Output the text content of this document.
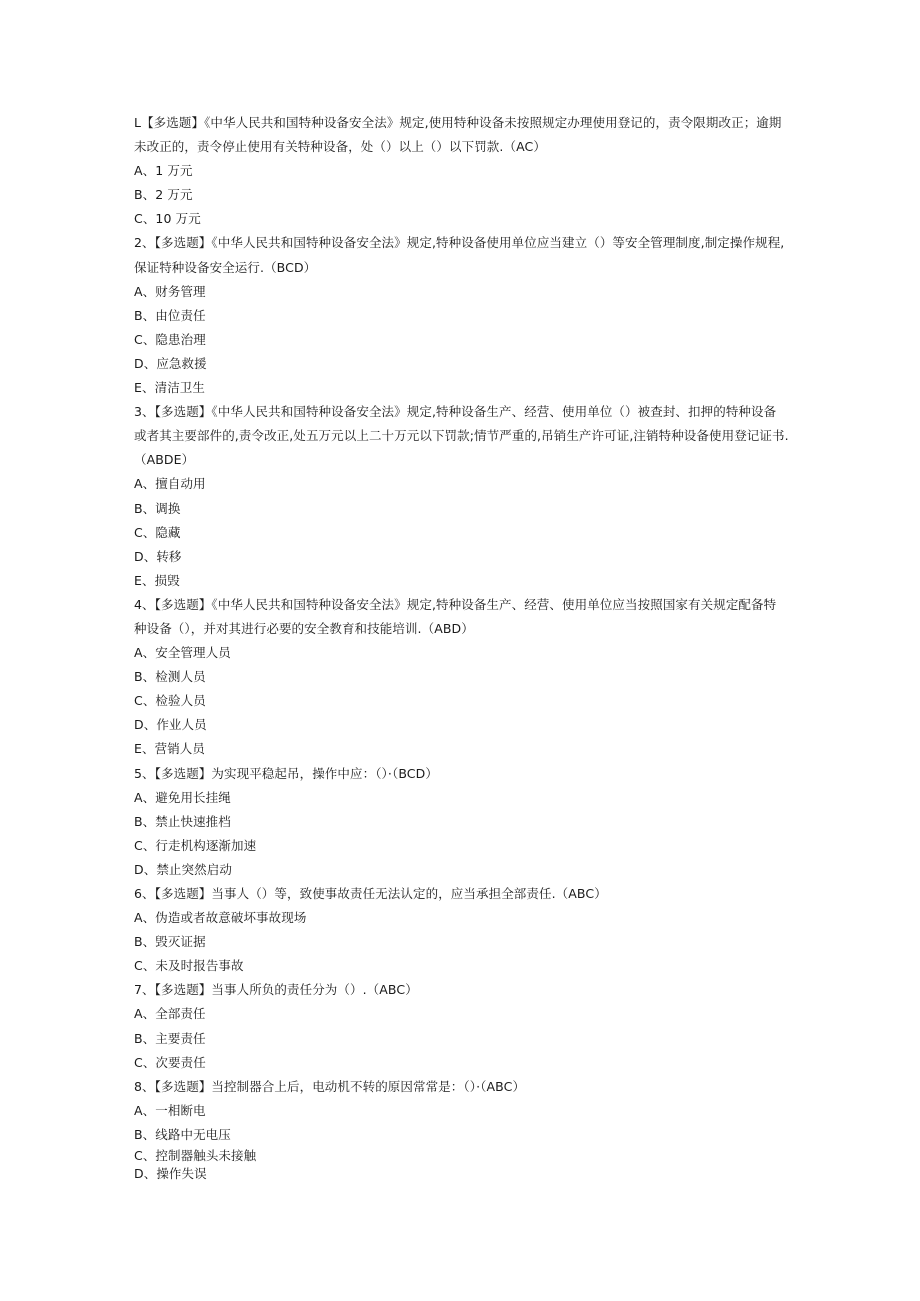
L【多选题】《中华人民共和国特种设备安全法》规定,使用特种设备未按照规定办理使用登记的，责令限期改正；逾期
未改正的，责令停止使用有关特种设备，处（）以上（）以下罚款.（AC）
A、1 万元
B、2 万元
C、10 万元
2、【多选题】《中华人民共和国特种设备安全法》规定,特种设备使用单位应当建立（）等安全管理制度,制定操作规程,
保证特种设备安全运行.（BCD）
A、财务管理
B、由位责任
C、隐患治理
D、应急救援
E、清洁卫生
3、【多选题】《中华人民共和国特种设备安全法》规定,特种设备生产、经营、使用单位（）被查封、扣押的特种设备
或者其主要部件的,责令改正,处五万元以上二十万元以下罚款;情节严重的,吊销生产许可证,注销特种设备使用登记证书.
（ABDE）
A、擅自动用
B、调换
C、隐藏
D、转移
E、损毁
4、【多选题】《中华人民共和国特种设备安全法》规定,特种设备生产、经营、使用单位应当按照国家有关规定配备特
种设备（），并对其进行必要的安全教育和技能培训.（ABD）
A、安全管理人员
B、检测人员
C、检验人员
D、作业人员
E、营销人员
5、【多选题】为实现平稳起吊，操作中应：（）·（BCD）
A、避免用长挂绳
B、禁止快速推档
C、行走机构逐渐加速
D、禁止突然启动
6、【多选题】当事人（）等，致使事故责任无法认定的，应当承担全部责任.（ABC）
A、伪造或者故意破坏事故现场
B、毁灭证据
C、未及时报告事故
7、【多选题】当事人所负的责任分为（）.（ABC）
A、全部责任
B、主要责任
C、次要责任
8、【多选题】当控制器合上后，电动机不转的原因常常是：（）·（ABC）
A、一相断电
B、线路中无电压
C、控制器触头未接触
D、操作失误
